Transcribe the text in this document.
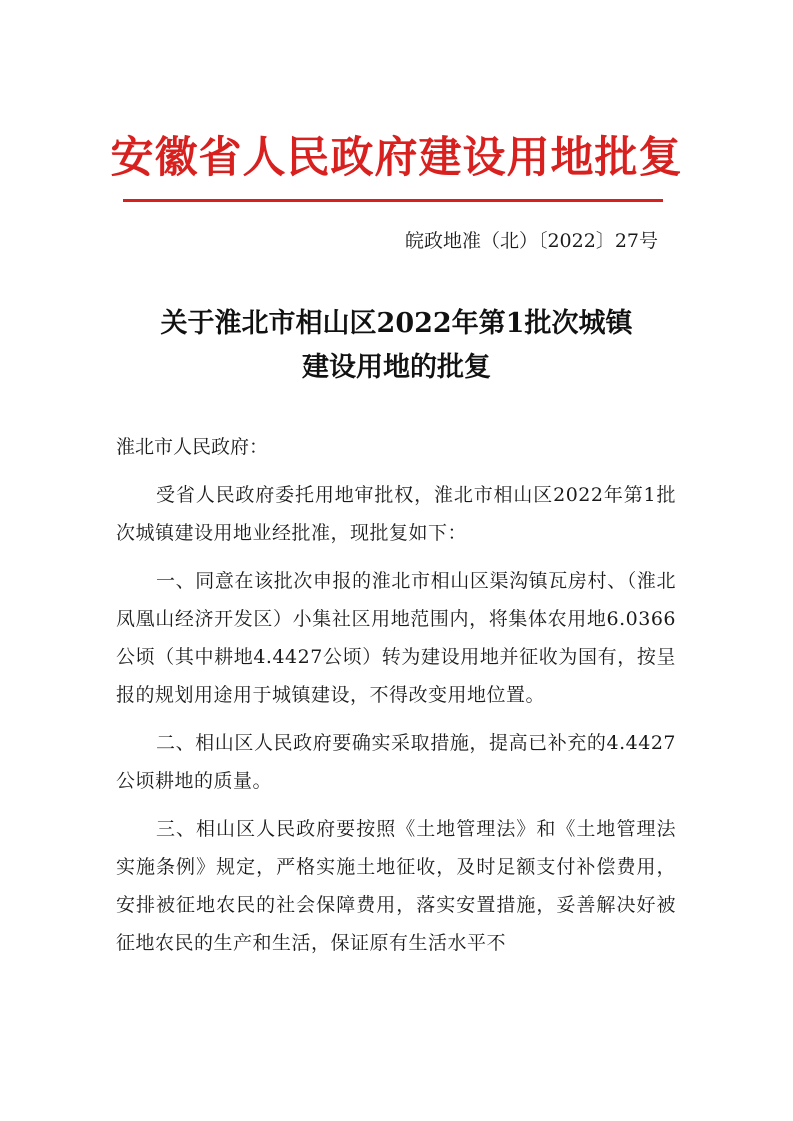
安徽省人民政府建设用地批复
皖政地准（北）〔2022〕27号
关于淮北市相山区2022年第1批次城镇
建设用地的批复

淮北市人民政府：

受省人民政府委托用地审批权，淮北市相山区2022年第1批次城镇建设用地业经批准，现批复如下：

一、同意在该批次申报的淮北市相山区渠沟镇瓦房村、（淮北凤凰山经济开发区）小集社区用地范围内，将集体农用地6.0366公顷（其中耕地4.4427公顷）转为建设用地并征收为国有，按呈报的规划用途用于城镇建设，不得改变用地位置。

二、相山区人民政府要确实采取措施，提高已补充的4.4427公顷耕地的质量。

三、相山区人民政府要按照《土地管理法》和《土地管理法实施条例》规定，严格实施土地征收，及时足额支付补偿费用，安排被征地农民的社会保障费用，落实安置措施，妥善解决好被征地农民的生产和生活，保证原有生活水平不
